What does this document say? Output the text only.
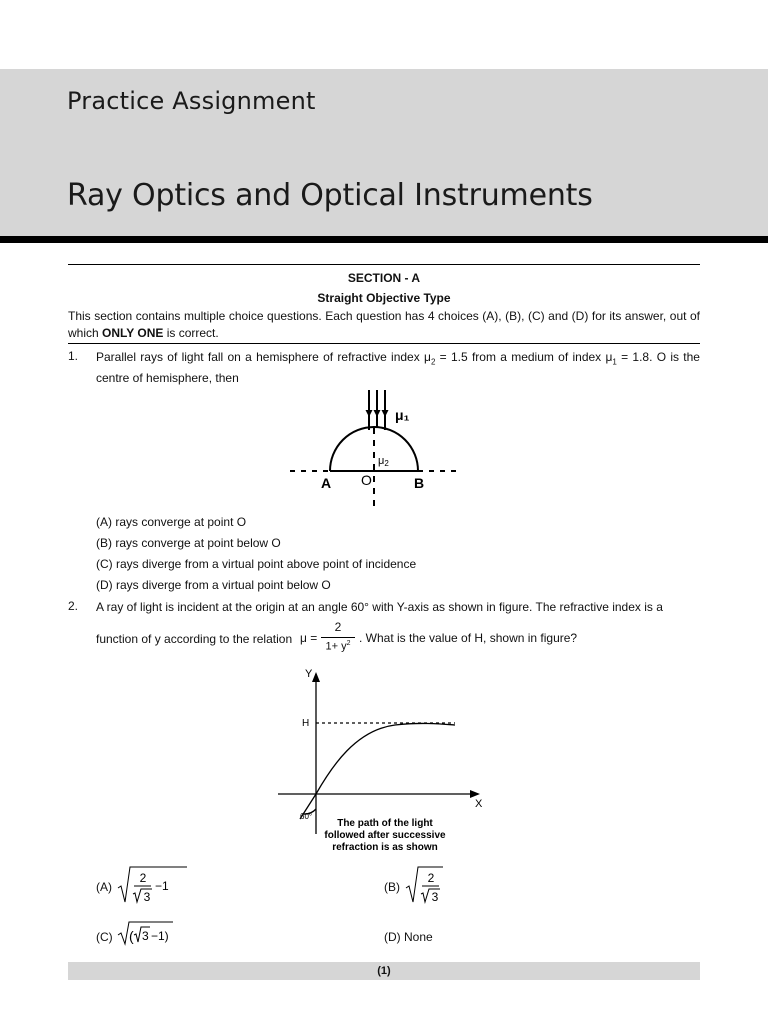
Practice Assignment
Ray Optics and Optical Instruments
SECTION - A
Straight Objective Type
This section contains multiple choice questions. Each question has 4 choices (A), (B), (C) and (D) for its answer, out of which ONLY ONE is correct.
1. Parallel rays of light fall on a hemisphere of refractive index $\mu_2 = 1.5$ from a medium of index $\mu_1 = 1.8$. O is the centre of hemisphere, then
μ₁
μ2
A O	B
(A) rays converge at point O
(B) rays converge at point below O
(C) rays diverge from a virtual point above point of incidence
(D) rays diverge from a virtual point below O
2. A ray of light is incident at the origin at an angle 60° with Y-axis as shown in figure. The refractive index is a
function of y according to the relation μ =
2
$1+ y^2$ . What is the value of H, shown in figure?
Y
X
H
60°
The path of the light
followed after successive
refraction is as shown
(A)
2
3
−1	(B)
2
3
(C) ( 3 −1)	(D) None
(1)
